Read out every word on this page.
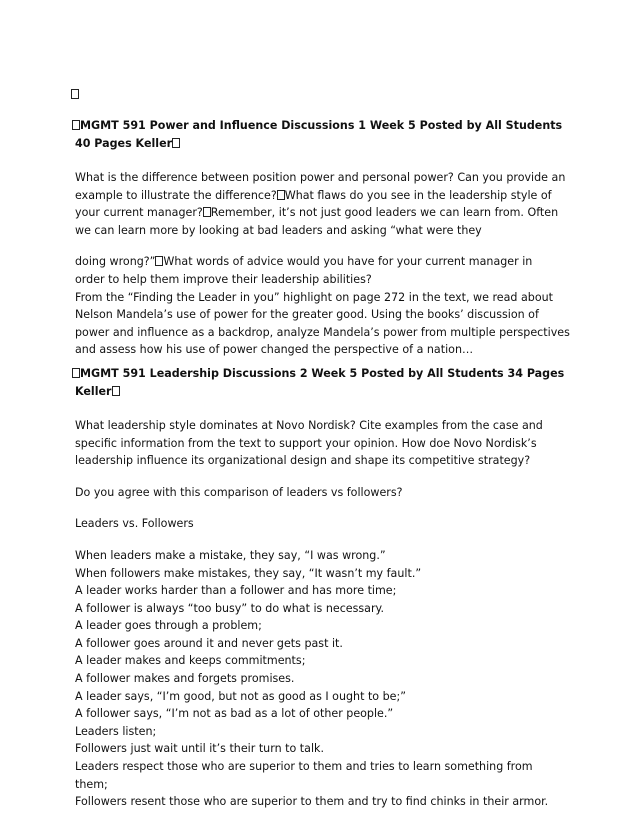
MGMT 591 Power and Influence Discussions 1 Week 5 Posted by All Students
40 Pages Keller
What is the difference between position power and personal power? Can you provide an
example to illustrate the difference? What flaws do you see in the leadership style of
your current manager? Remember, it’s not just good leaders we can learn from. Often
we can learn more by looking at bad leaders and asking “what were they
doing wrong?” What words of advice would you have for your current manager in
order to help them improve their leadership abilities?
From the “Finding the Leader in you” highlight on page 272 in the text, we read about
Nelson Mandela’s use of power for the greater good. Using the books’ discussion of
power and influence as a backdrop, analyze Mandela’s power from multiple perspectives
and assess how his use of power changed the perspective of a nation…
MGMT 591 Leadership Discussions 2 Week 5 Posted by All Students 34 Pages
Keller
What leadership style dominates at Novo Nordisk? Cite examples from the case and
specific information from the text to support your opinion. How doe Novo Nordisk’s
leadership influence its organizational design and shape its competitive strategy?
Do you agree with this comparison of leaders vs followers?
Leaders vs. Followers
When leaders make a mistake, they say, “I was wrong.”
When followers make mistakes, they say, “It wasn’t my fault.”
A leader works harder than a follower and has more time;
A follower is always “too busy” to do what is necessary.
A leader goes through a problem;
A follower goes around it and never gets past it.
A leader makes and keeps commitments;
A follower makes and forgets promises.
A leader says, “I’m good, but not as good as I ought to be;”
A follower says, “I’m not as bad as a lot of other people.”
Leaders listen;
Followers just wait until it’s their turn to talk.
Leaders respect those who are superior to them and tries to learn something from
them;
Followers resent those who are superior to them and try to find chinks in their armor.
